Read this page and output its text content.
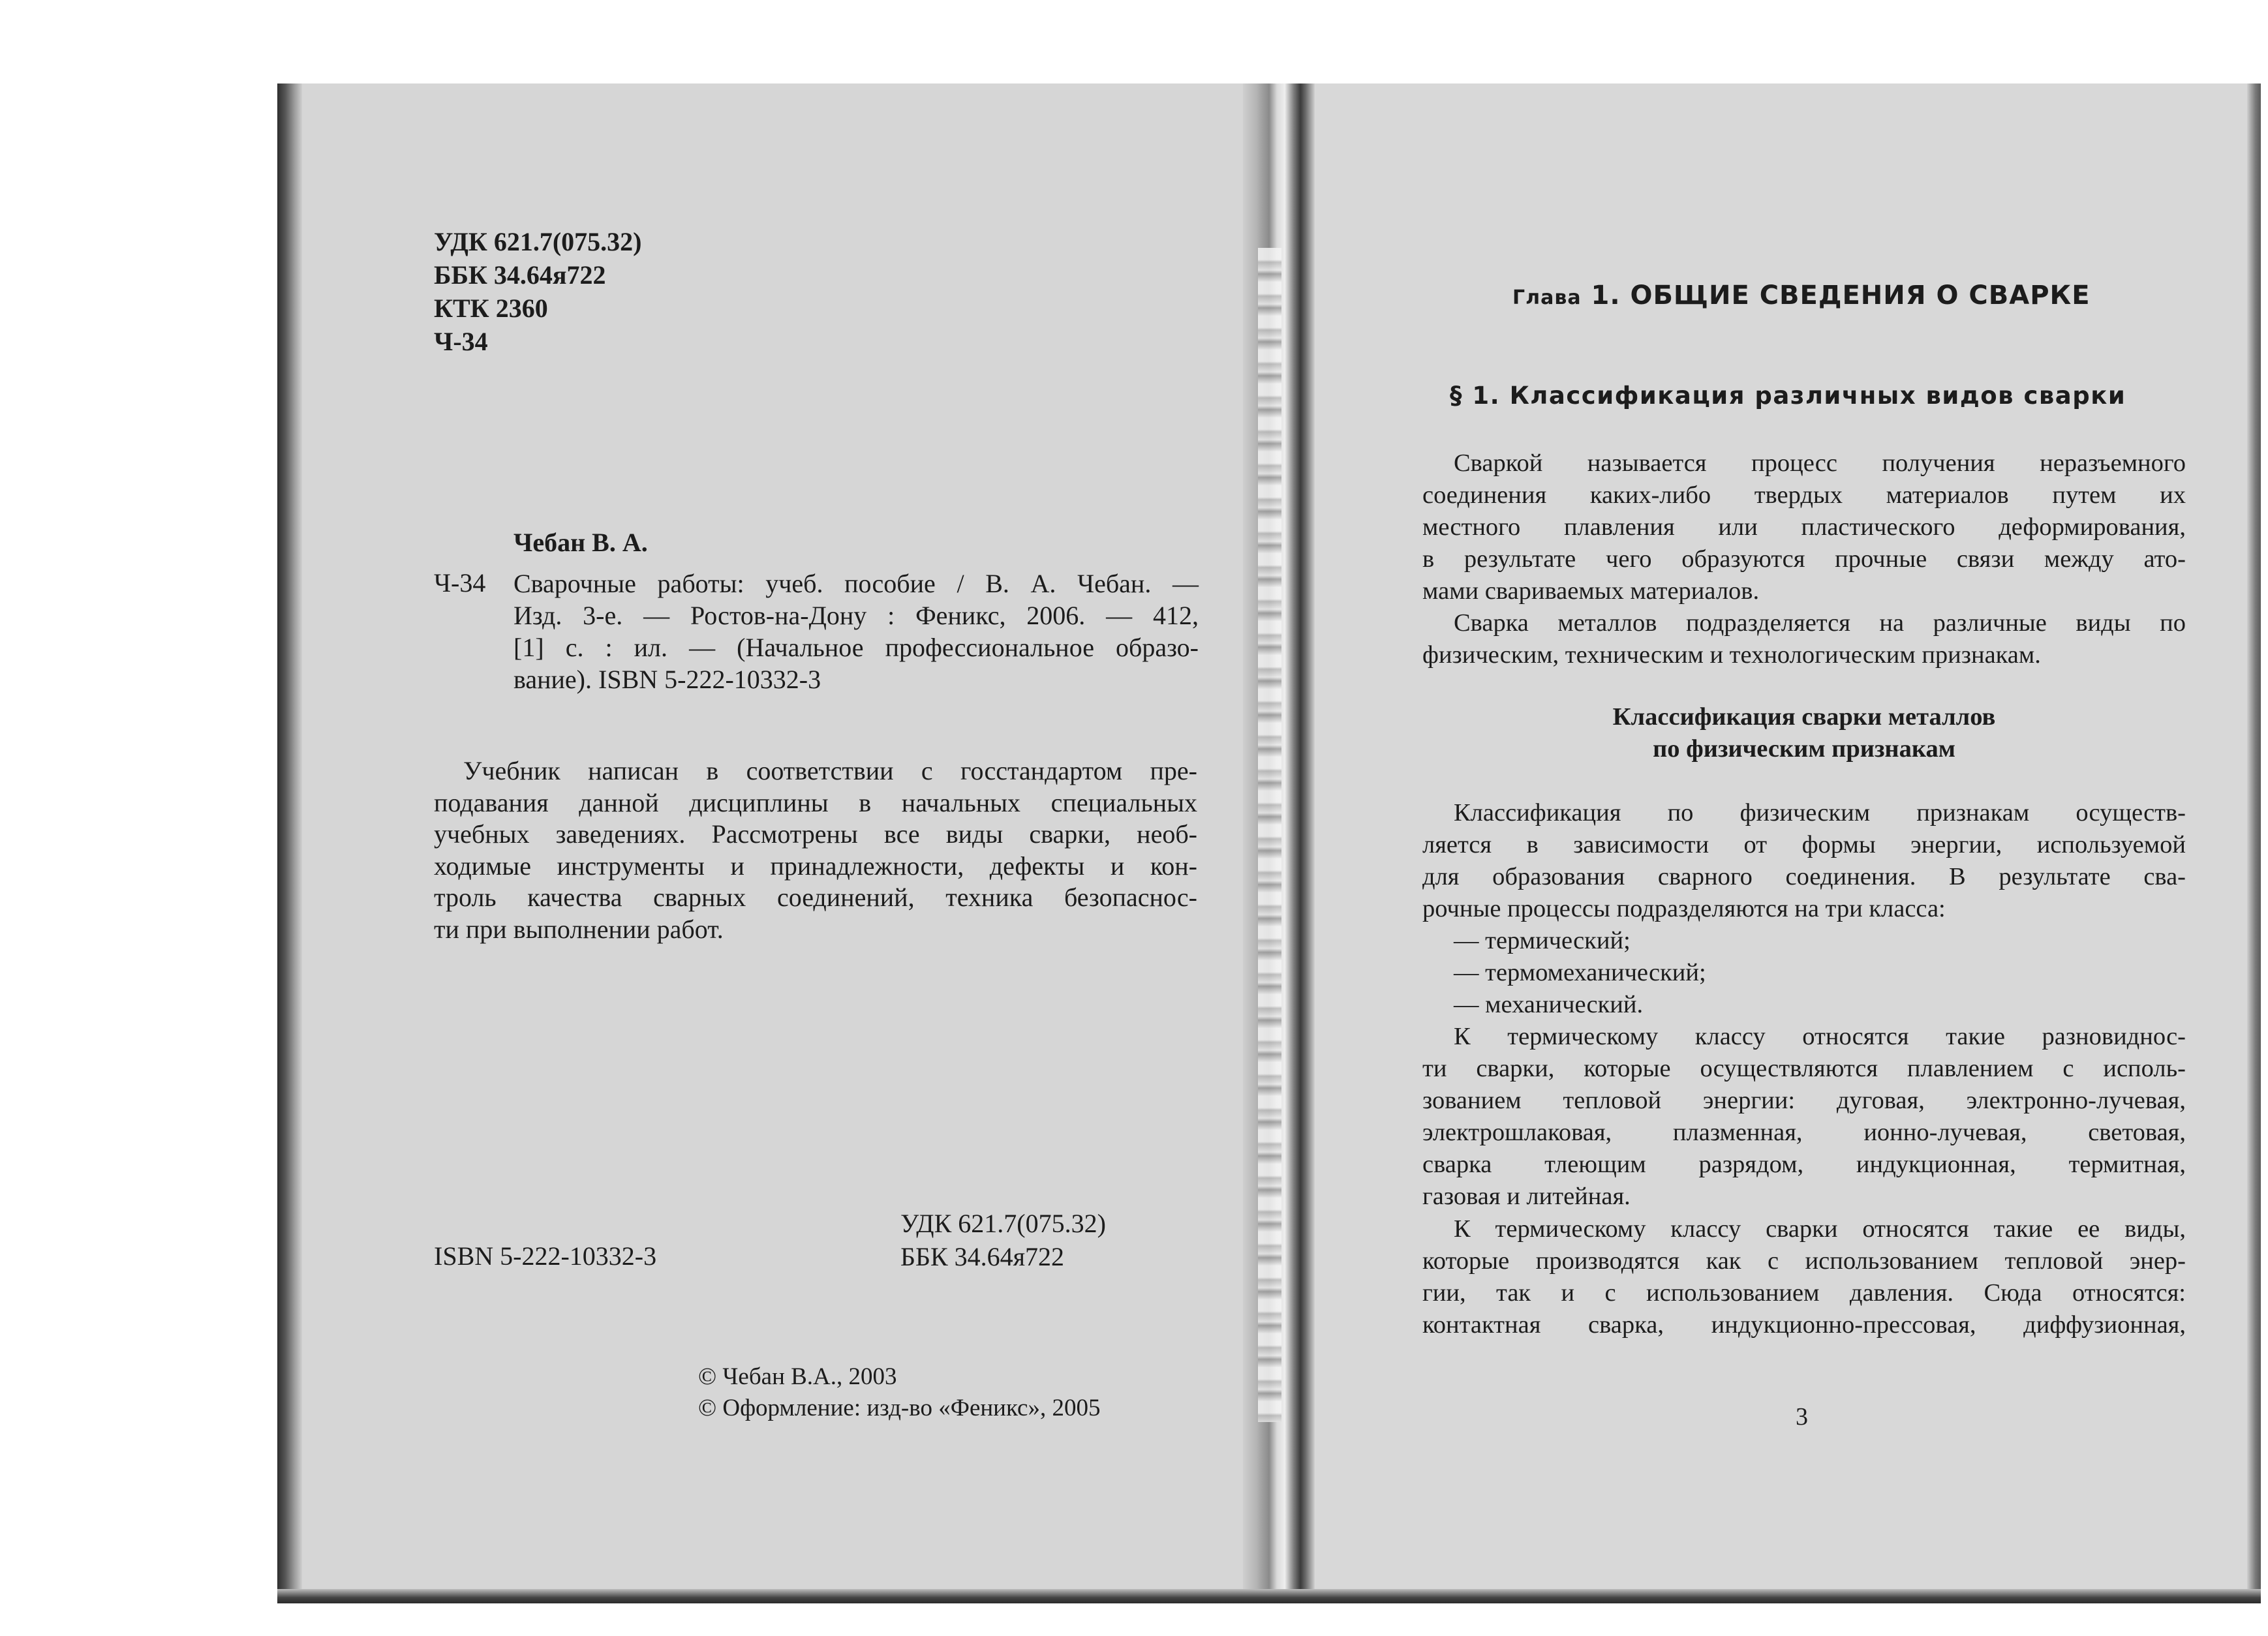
УДК 621.7(075.32)
ББК 34.64я722
КТК 2360
Ч-34
Чебан В. А.
Ч-34 Сварочные работы: учеб. пособие / В. А. Чебан. —
Изд. 3-е. — Ростов-на-Дону : Феникс, 2006. — 412,
[1] с. : ил. — (Начальное профессиональное образо-
вание). ISBN 5-222-10332-3
Учебник написан в соответствии с госстандартом пре-
подавания данной дисциплины в начальных специальных
учебных заведениях. Рассмотрены все виды сварки, необ-
ходимые инструменты и принадлежности, дефекты и кон-
троль качества сварных соединений, техника безопаснос-
ти при выполнении работ.
ISBN 5-222-10332-3
УДК 621.7(075.32)
ББК 34.64я722
© Чебан В.А., 2003
© Оформление: изд-во «Феникс», 2005
Глава 1. ОБЩИЕ СВЕДЕНИЯ О СВАРКЕ
§ 1. Классификация различных видов сварки
Сваркой называется процесс получения неразъемного
соединения каких-либо твердых материалов путем их
местного плавления или пластического деформирования,
в результате чего образуются прочные связи между ато-
мами свариваемых материалов.
Сварка металлов подразделяется на различные виды по
физическим, техническим и технологическим признакам.
Классификация сварки металлов
по физическим признакам
Классификация по физическим признакам осуществ-
ляется в зависимости от формы энергии, используемой
для образования сварного соединения. В результате сва-
рочные процессы подразделяются на три класса:
— термический;
— термомеханический;
— механический.
К термическому классу относятся такие разновиднос-
ти сварки, которые осуществляются плавлением с исполь-
зованием тепловой энергии: дуговая, электронно-лучевая,
электрошлаковая, плазменная, ионно-лучевая, световая,
сварка тлеющим разрядом, индукционная, термитная,
газовая и литейная.
К термическому классу сварки относятся такие ее виды,
которые производятся как с использованием тепловой энер-
гии, так и с использованием давления. Сюда относятся:
контактная сварка, индукционно-прессовая, диффузионная,
3
